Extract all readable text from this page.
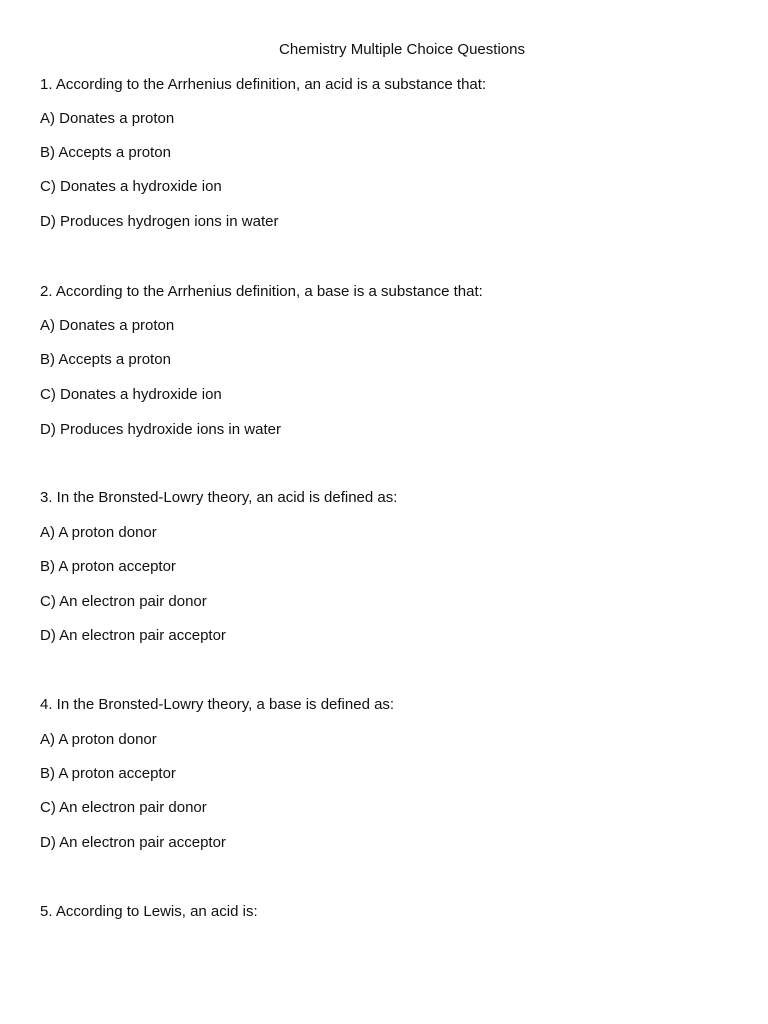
Chemistry Multiple Choice Questions
1. According to the Arrhenius definition, an acid is a substance that:
A) Donates a proton
B) Accepts a proton
C) Donates a hydroxide ion
D) Produces hydrogen ions in water
2. According to the Arrhenius definition, a base is a substance that:
A) Donates a proton
B) Accepts a proton
C) Donates a hydroxide ion
D) Produces hydroxide ions in water
3. In the Bronsted-Lowry theory, an acid is defined as:
A) A proton donor
B) A proton acceptor
C) An electron pair donor
D) An electron pair acceptor
4. In the Bronsted-Lowry theory, a base is defined as:
A) A proton donor
B) A proton acceptor
C) An electron pair donor
D) An electron pair acceptor
5. According to Lewis, an acid is:
